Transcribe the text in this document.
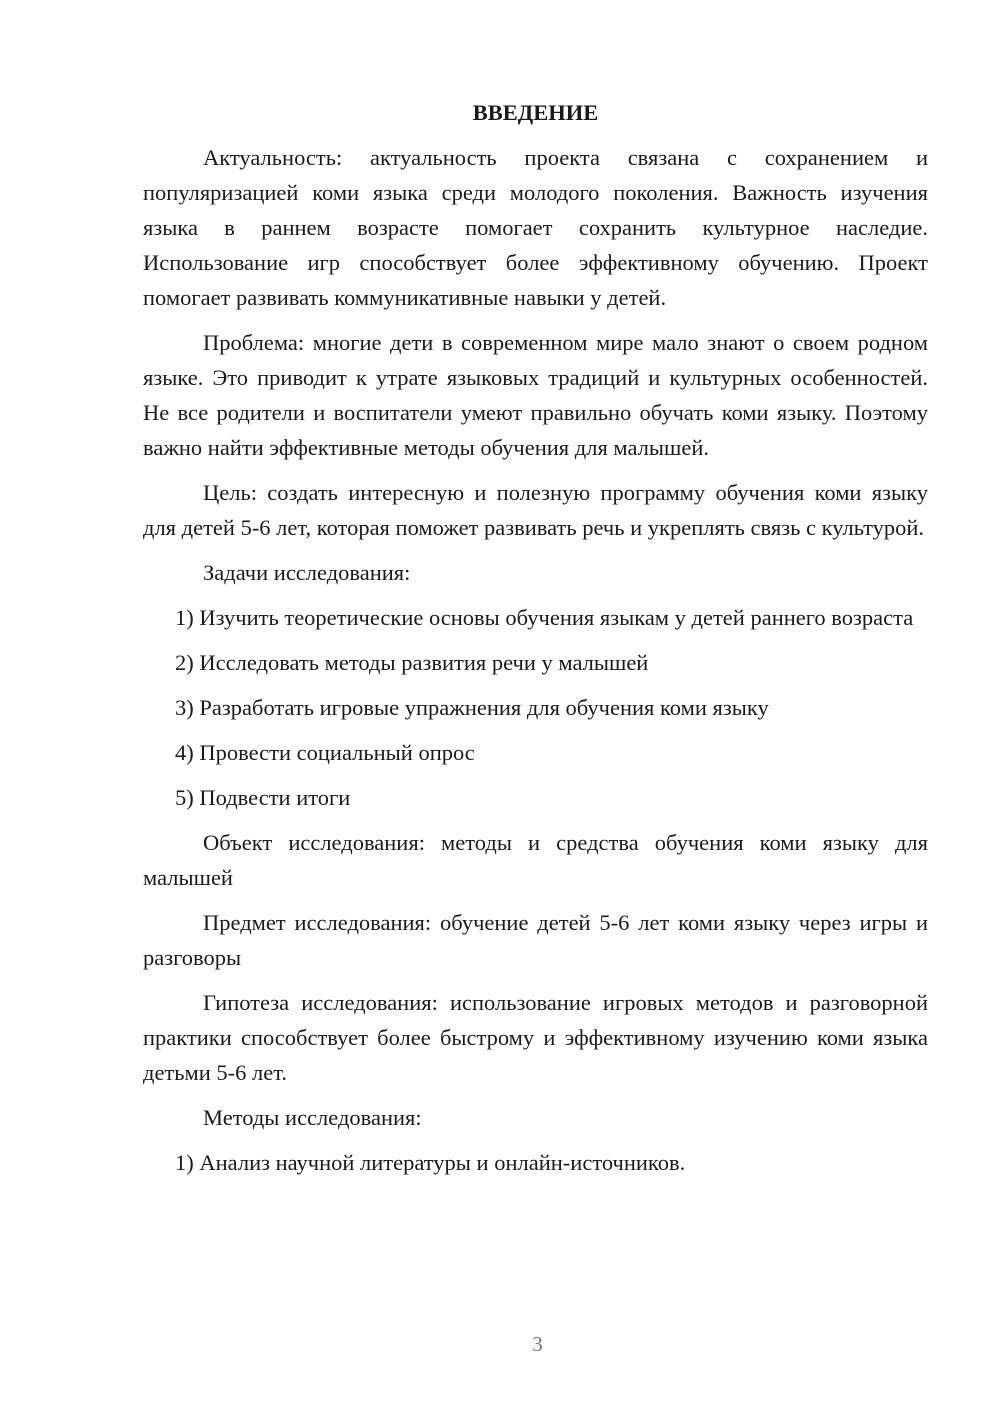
ВВЕДЕНИЕ

Актуальность: актуальность проекта связана с сохранением и популяризацией коми языка среди молодого поколения. Важность изучения языка в раннем возрасте помогает сохранить культурное наследие. Использование игр способствует более эффективному обучению. Проект помогает развивать коммуникативные навыки у детей.

Проблема: многие дети в современном мире мало знают о своем родном языке. Это приводит к утрате языковых традиций и культурных особенностей. Не все родители и воспитатели умеют правильно обучать коми языку. Поэтому важно найти эффективные методы обучения для малышей.

Цель: создать интересную и полезную программу обучения коми языку для детей 5-6 лет, которая поможет развивать речь и укреплять связь с культурой.

Задачи исследования:

1) Изучить теоретические основы обучения языкам у детей раннего возраста

2) Исследовать методы развития речи у малышей

3) Разработать игровые упражнения для обучения коми языку

4) Провести социальный опрос

5) Подвести итоги

Объект исследования: методы и средства обучения коми языку для малышей

Предмет исследования: обучение детей 5-6 лет коми языку через игры и разговоры

Гипотеза исследования: использование игровых методов и разговорной практики способствует более быстрому и эффективному изучению коми языка детьми 5-6 лет.

Методы исследования:

1) Анализ научной литературы и онлайн-источников.

3
